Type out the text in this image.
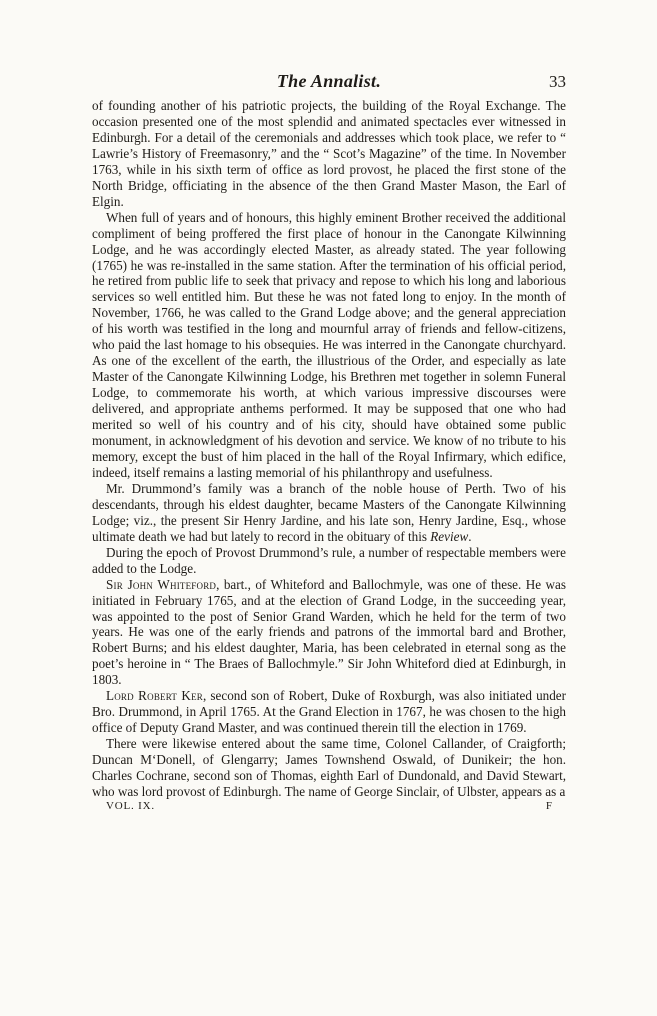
The Annalist.	33

of founding another of his patriotic projects, the building of the Royal Exchange. The occasion presented one of the most splendid and animated spectacles ever witnessed in Edinburgh. For a detail of the ceremonials and addresses which took place, we refer to “ Lawrie’s History of Freemasonry,” and the “ Scot’s Magazine” of the time. In November 1763, while in his sixth term of office as lord provost, he placed the first stone of the North Bridge, officiating in the absence of the then Grand Master Mason, the Earl of Elgin.

When full of years and of honours, this highly eminent Brother received the additional compliment of being proffered the first place of honour in the Canongate Kilwinning Lodge, and he was accordingly elected Master, as already stated. The year following (1765) he was re-installed in the same station. After the termination of his official period, he retired from public life to seek that privacy and repose to which his long and laborious services so well entitled him. But these he was not fated long to enjoy. In the month of November, 1766, he was called to the Grand Lodge above; and the general appreciation of his worth was testified in the long and mournful array of friends and fellow-citizens, who paid the last homage to his obsequies. He was interred in the Canongate churchyard. As one of the excellent of the earth, the illustrious of the Order, and especially as late Master of the Canongate Kilwinning Lodge, his Brethren met together in solemn Funeral Lodge, to commemorate his worth, at which various impressive discourses were delivered, and appropriate anthems performed. It may be supposed that one who had merited so well of his country and of his city, should have obtained some public monument, in acknowledgment of his devotion and service. We know of no tribute to his memory, except the bust of him placed in the hall of the Royal Infirmary, which edifice, indeed, itself remains a lasting memorial of his philanthropy and usefulness.

Mr. Drummond’s family was a branch of the noble house of Perth. Two of his descendants, through his eldest daughter, became Masters of the Canongate Kilwinning Lodge; viz., the present Sir Henry Jardine, and his late son, Henry Jardine, Esq., whose ultimate death we had but lately to record in the obituary of this Review.

During the epoch of Provost Drummond’s rule, a number of respectable members were added to the Lodge.

Sir John Whiteford, bart., of Whiteford and Ballochmyle, was one of these. He was initiated in February 1765, and at the election of Grand Lodge, in the succeeding year, was appointed to the post of Senior Grand Warden, which he held for the term of two years. He was one of the early friends and patrons of the immortal bard and Brother, Robert Burns; and his eldest daughter, Maria, has been celebrated in eternal song as the poet’s heroine in “ The Braes of Ballochmyle.” Sir John Whiteford died at Edinburgh, in 1803.

Lord Robert Ker, second son of Robert, Duke of Roxburgh, was also initiated under Bro. Drummond, in April 1765. At the Grand Election in 1767, he was chosen to the high office of Deputy Grand Master, and was continued therein till the election in 1769.

There were likewise entered about the same time, Colonel Callander, of Craigforth; Duncan M‘Donell, of Glengarry; James Townshend Oswald, of Dunikeir; the hon. Charles Cochrane, second son of Thomas, eighth Earl of Dundonald, and David Stewart, who was lord provost of Edinburgh. The name of George Sinclair, of Ulbster, appears as a

VOL. IX.	F
